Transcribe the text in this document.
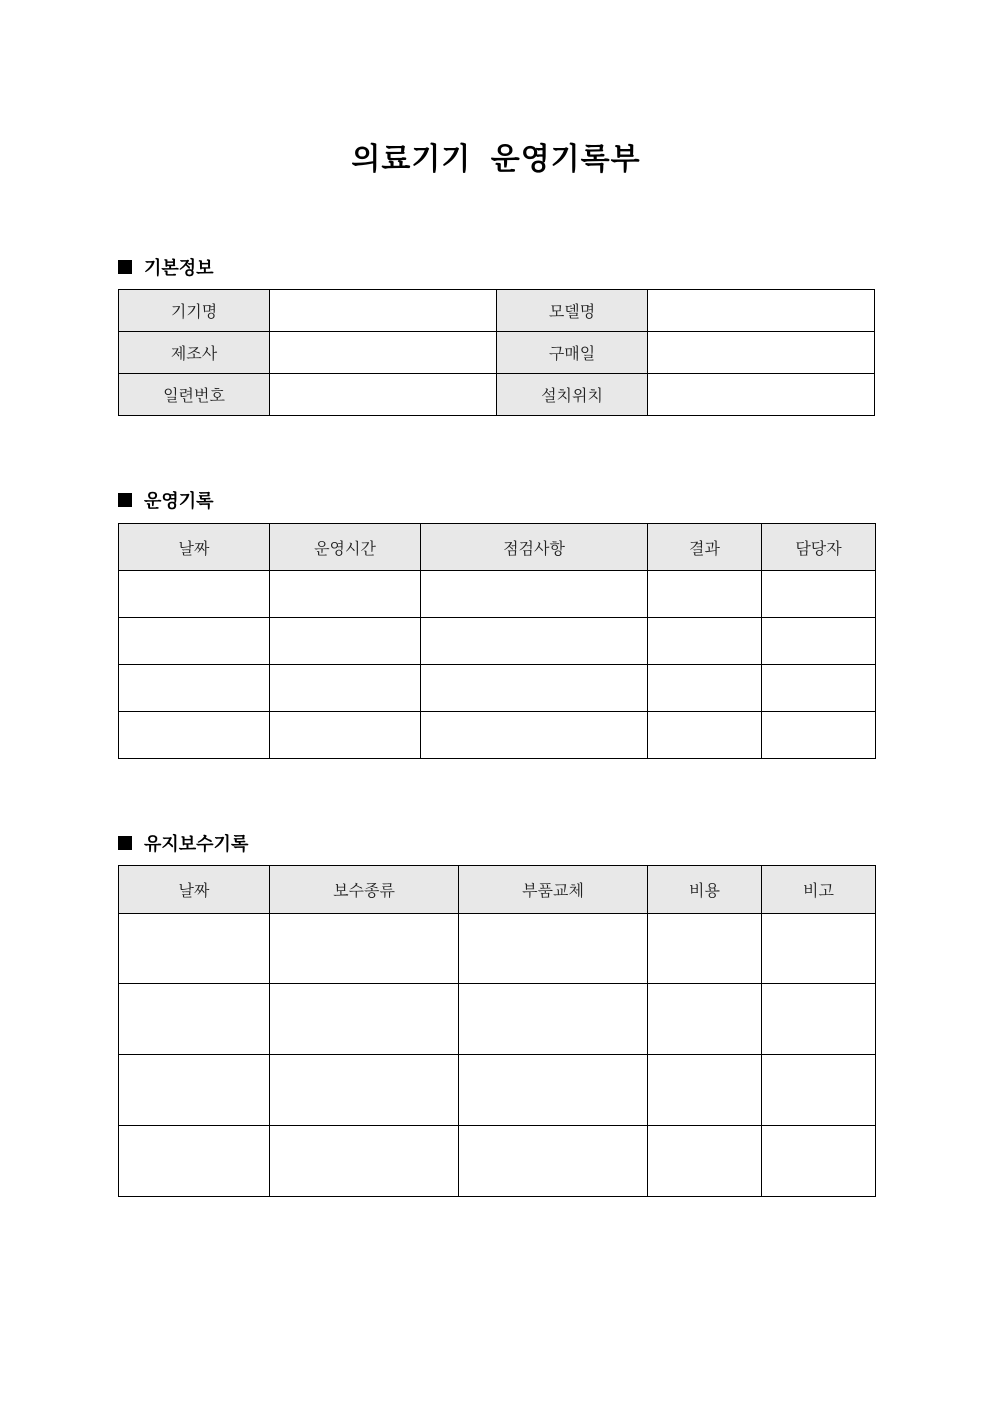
의료기기 운영기록부
기본정보
기기명		모델명	
제조사		구매일	
일련번호		설치위치	
운영기록
날짜	운영시간	점검사항	결과	담당자

유지보수기록
날짜	보수종류	부품교체	비용	비고
